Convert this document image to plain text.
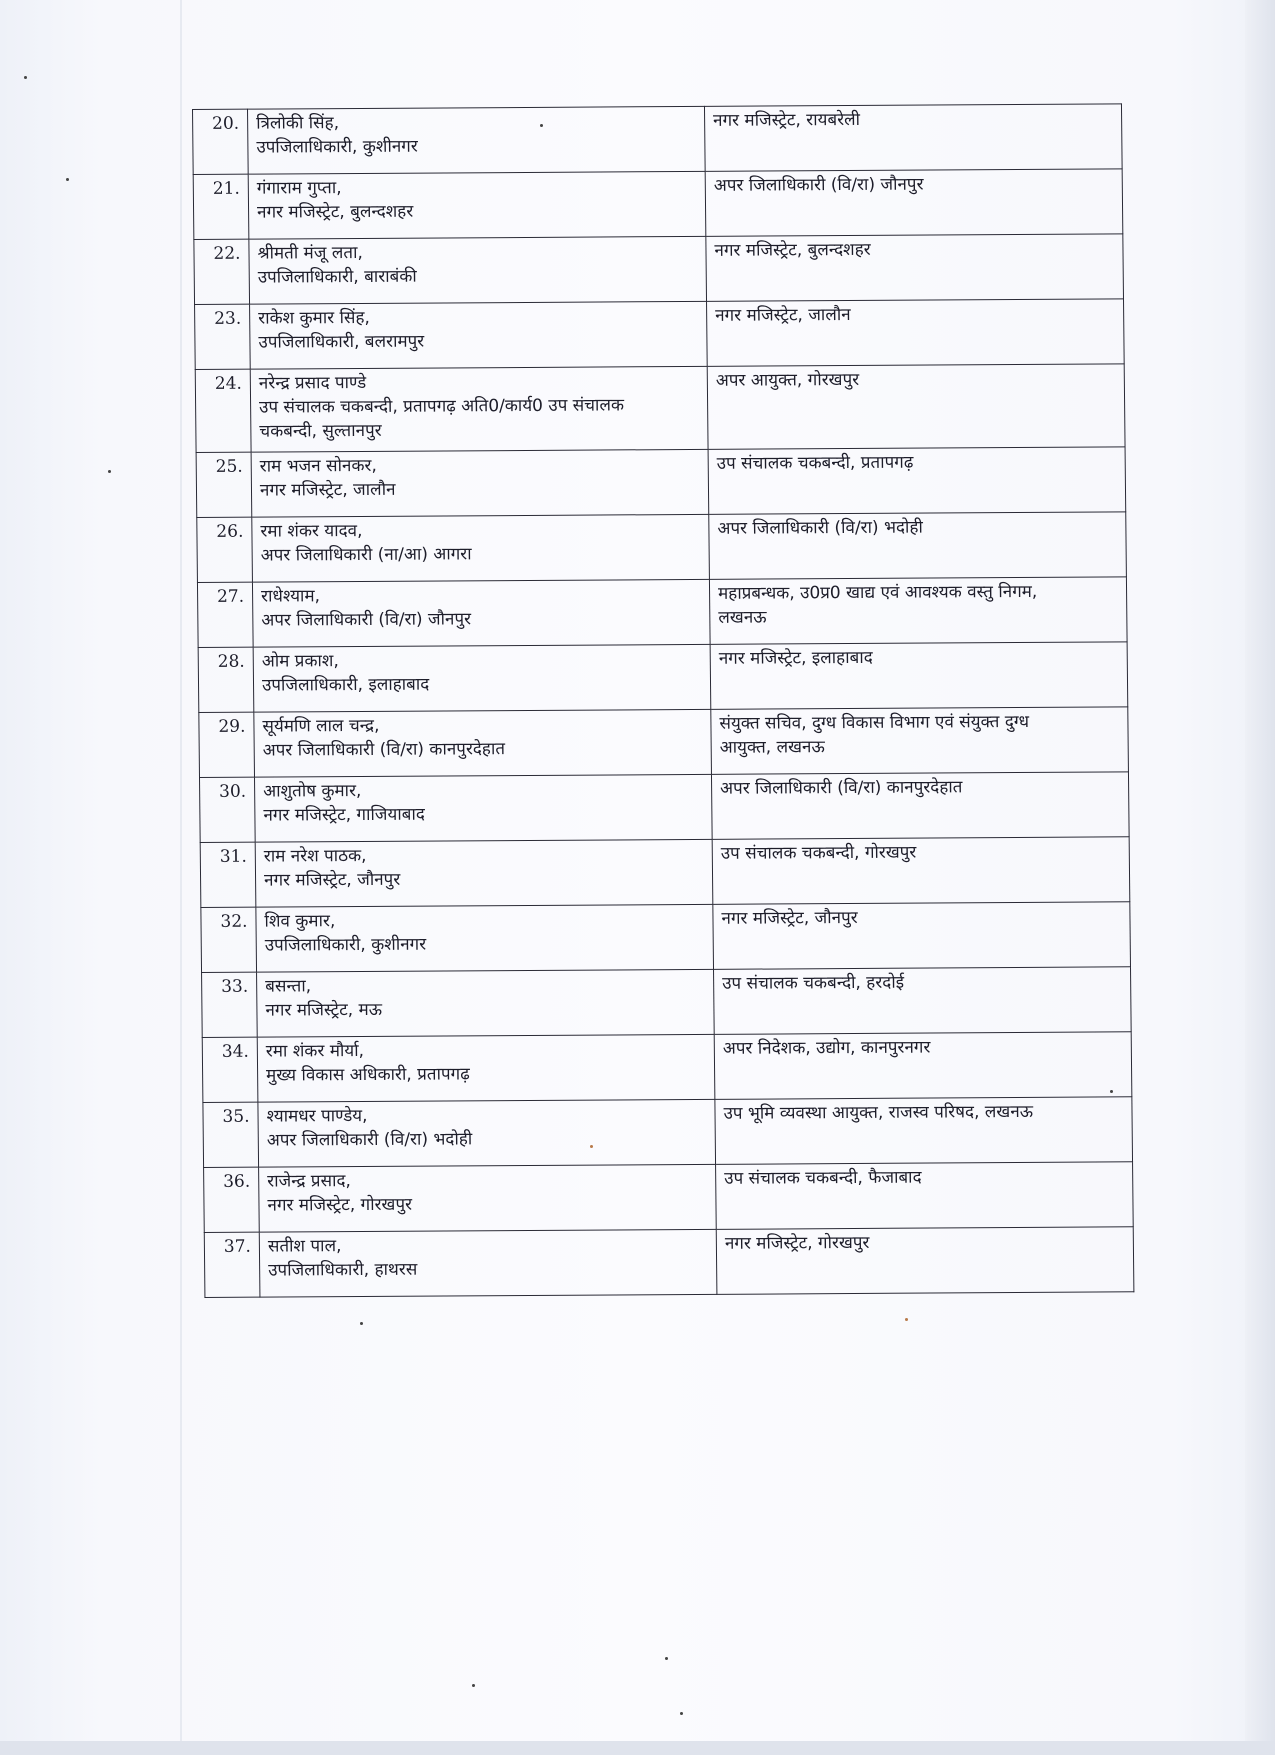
20.	त्रिलोकी सिंह,
उपजिलाधिकारी, कुशीनगर	नगर मजिस्ट्रेट, रायबरेली

21.	गंगाराम गुप्ता,
नगर मजिस्ट्रेट, बुलन्दशहर	अपर जिलाधिकारी (वि/रा) जौनपुर

22.	श्रीमती मंजू लता,
उपजिलाधिकारी, बाराबंकी	नगर मजिस्ट्रेट, बुलन्दशहर

23.	राकेश कुमार सिंह,
उपजिलाधिकारी, बलरामपुर	नगर मजिस्ट्रेट, जालौन

24.	नरेन्द्र प्रसाद पाण्डे
उप संचालक चकबन्दी, प्रतापगढ़ अति0/कार्य0 उप संचालक
चकबन्दी, सुल्तानपुर	अपर आयुक्त, गोरखपुर

25.	राम भजन सोनकर,
नगर मजिस्ट्रेट, जालौन	उप संचालक चकबन्दी, प्रतापगढ़

26.	रमा शंकर यादव,
अपर जिलाधिकारी (ना/आ) आगरा	अपर जिलाधिकारी (वि/रा) भदोही

27.	राधेश्याम,
अपर जिलाधिकारी (वि/रा) जौनपुर	महाप्रबन्धक, उ0प्र0 खाद्य एवं आवश्यक वस्तु निगम,
लखनऊ

28.	ओम प्रकाश,
उपजिलाधिकारी, इलाहाबाद	नगर मजिस्ट्रेट, इलाहाबाद

29.	सूर्यमणि लाल चन्द्र,
अपर जिलाधिकारी (वि/रा) कानपुरदेहात	संयुक्त सचिव, दुग्ध विकास विभाग एवं संयुक्त दुग्ध
आयुक्त, लखनऊ

30.	आशुतोष कुमार,
नगर मजिस्ट्रेट, गाजियाबाद	अपर जिलाधिकारी (वि/रा) कानपुरदेहात

31.	राम नरेश पाठक,
नगर मजिस्ट्रेट, जौनपुर	उप संचालक चकबन्दी, गोरखपुर

32.	शिव कुमार,
उपजिलाधिकारी, कुशीनगर	नगर मजिस्ट्रेट, जौनपुर

33.	बसन्ता,
नगर मजिस्ट्रेट, मऊ	उप संचालक चकबन्दी, हरदोई

34.	रमा शंकर मौर्या,
मुख्य विकास अधिकारी, प्रतापगढ़	अपर निदेशक, उद्योग, कानपुरनगर

35.	श्यामधर पाण्डेय,
अपर जिलाधिकारी (वि/रा) भदोही	उप भूमि व्यवस्था आयुक्त, राजस्व परिषद, लखनऊ

36.	राजेन्द्र प्रसाद,
नगर मजिस्ट्रेट, गोरखपुर	उप संचालक चकबन्दी, फैजाबाद

37.	सतीश पाल,
उपजिलाधिकारी, हाथरस	नगर मजिस्ट्रेट, गोरखपुर
